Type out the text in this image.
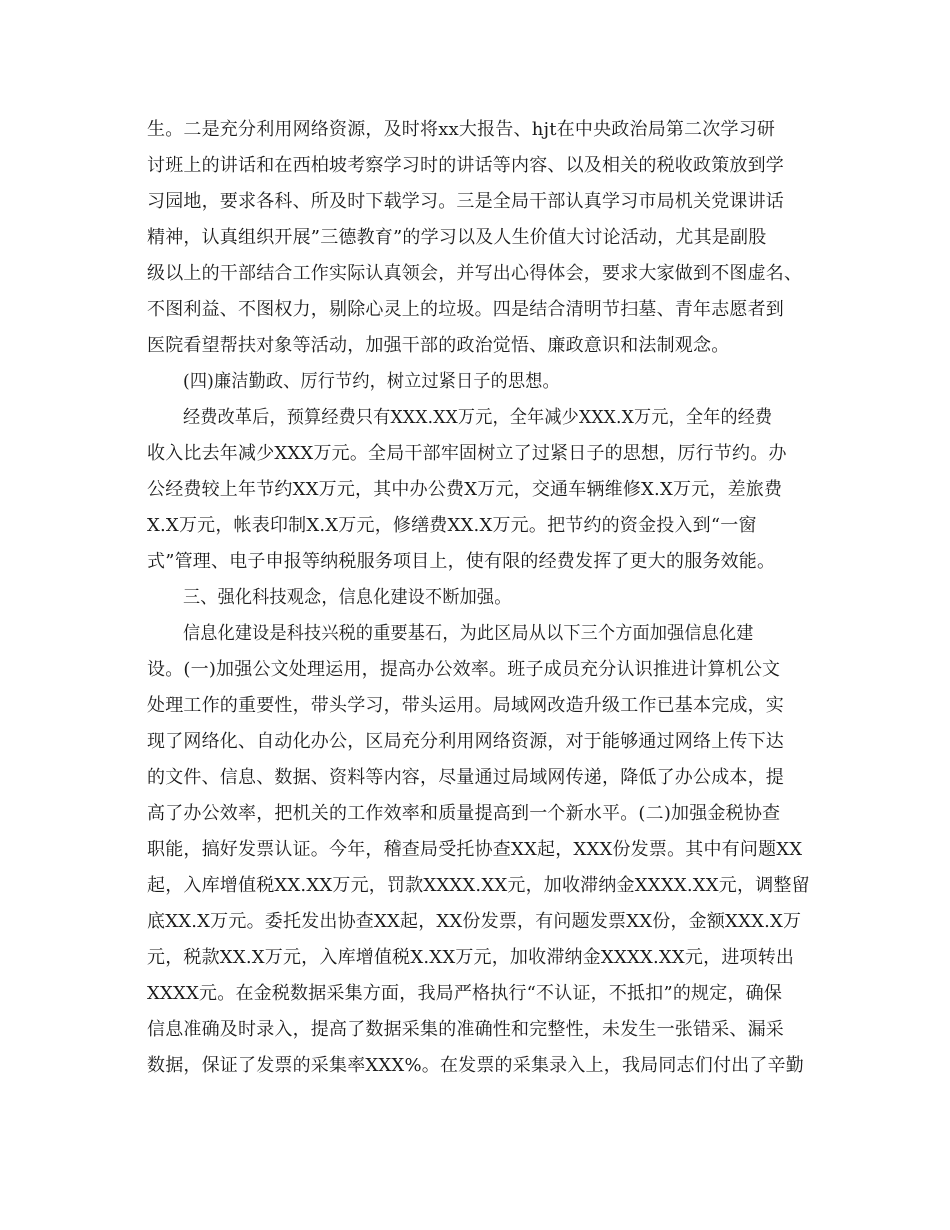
生。二是充分利用网络资源，及时将xx大报告、hjt在中央政治局第二次学习研
讨班上的讲话和在西柏坡考察学习时的讲话等内容、以及相关的税收政策放到学
习园地，要求各科、所及时下载学习。三是全局干部认真学习市局机关党课讲话
精神，认真组织开展”三德教育”的学习以及人生价值大讨论活动，尤其是副股
级以上的干部结合工作实际认真领会，并写出心得体会，要求大家做到不图虚名、
不图利益、不图权力，剔除心灵上的垃圾。四是结合清明节扫墓、青年志愿者到
医院看望帮扶对象等活动，加强干部的政治觉悟、廉政意识和法制观念。
(四)廉洁勤政、厉行节约，树立过紧日子的思想。
经费改革后，预算经费只有XXX.XX万元，全年减少XXX.X万元，全年的经费
收入比去年减少XXX万元。全局干部牢固树立了过紧日子的思想，厉行节约。办
公经费较上年节约XX万元，其中办公费X万元，交通车辆维修X.X万元，差旅费
X.X万元，帐表印制X.X万元，修缮费XX.X万元。把节约的资金投入到“一窗
式”管理、电子申报等纳税服务项目上，使有限的经费发挥了更大的服务效能。
三、强化科技观念，信息化建设不断加强。
信息化建设是科技兴税的重要基石，为此区局从以下三个方面加强信息化建
设。(一)加强公文处理运用，提高办公效率。班子成员充分认识推进计算机公文
处理工作的重要性，带头学习，带头运用。局域网改造升级工作已基本完成，实
现了网络化、自动化办公，区局充分利用网络资源，对于能够通过网络上传下达
的文件、信息、数据、资料等内容，尽量通过局域网传递，降低了办公成本，提
高了办公效率，把机关的工作效率和质量提高到一个新水平。(二)加强金税协查
职能，搞好发票认证。今年，稽查局受托协查XX起，XXX份发票。其中有问题XX
起，入库增值税XX.XX万元，罚款XXXX.XX元，加收滞纳金XXXX.XX元，调整留
底XX.X万元。委托发出协查XX起，XX份发票，有问题发票XX份，金额XXX.X万
元，税款XX.X万元，入库增值税X.XX万元，加收滞纳金XXXX.XX元，进项转出
XXXX元。在金税数据采集方面，我局严格执行“不认证，不抵扣”的规定，确保
信息准确及时录入，提高了数据采集的准确性和完整性，未发生一张错采、漏采
数据，保证了发票的采集率XXX%。在发票的采集录入上，我局同志们付出了辛勤
